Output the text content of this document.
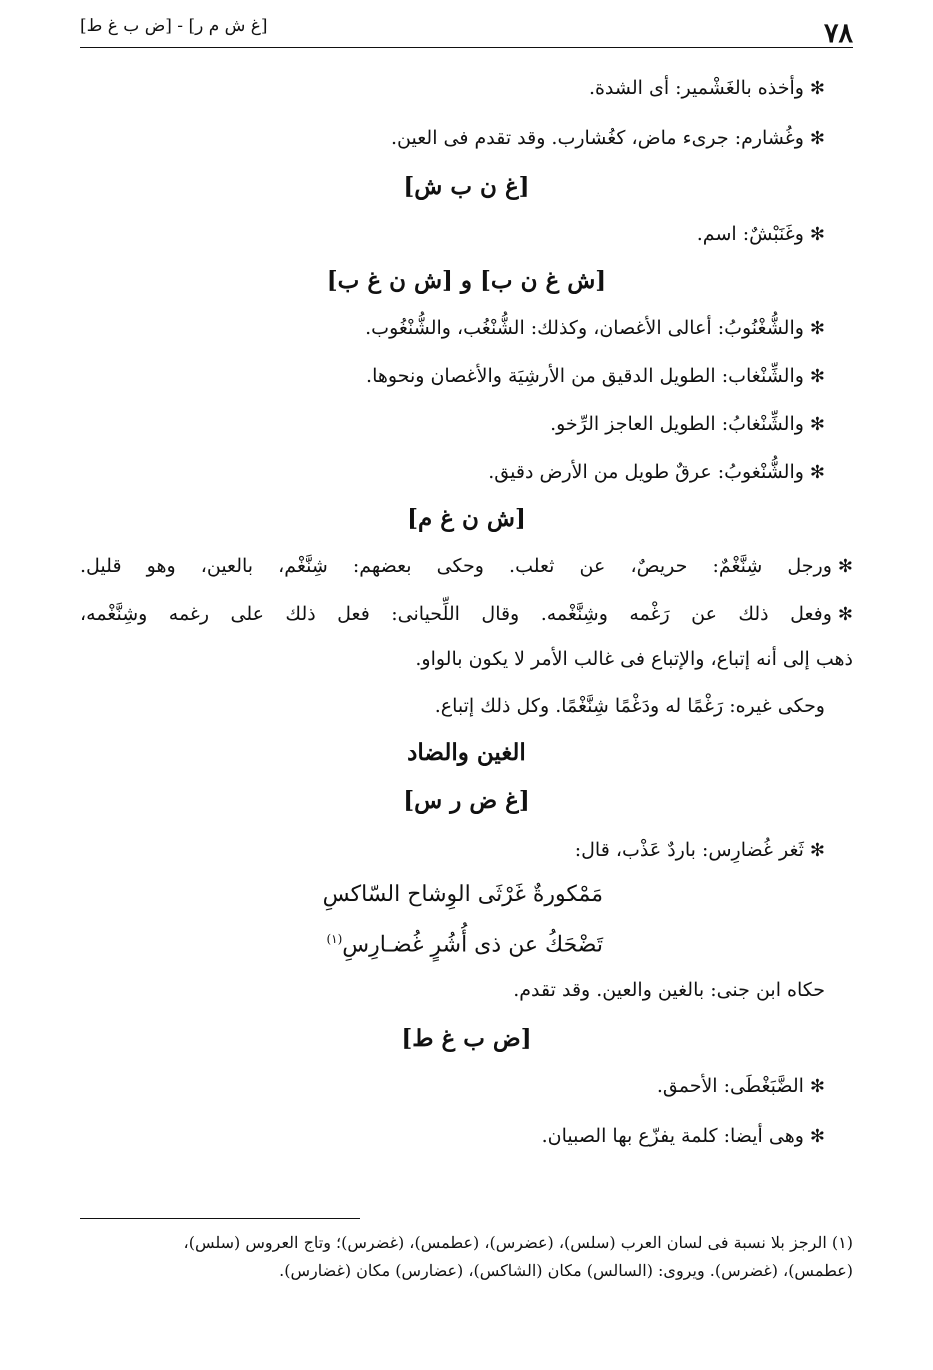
٧٨
[غ ش م ر] - [ض ب غ ط]
✻وأخذه بالغَشْمير: أى الشدة.
✻وغُشارم: جرىء ماض، كغُشارب. وقد تقدم فى العين.
[غ ن ب ش]
✻وغَنَبْشٌ: اسم.
[ش غ ن ب] و [ش ن غ ب]
✻والشُّغْنُوبُ: أعالى الأغصان، وكذلك: الشُّنْغُب، والشُّنْغُوب.
✻والشِّنْغاب: الطويل الدقيق من الأرشِيَة والأغصان ونحوها.
✻والشِّنْغابُ: الطويل العاجز الرِّخو.
✻والشُّنْغوبُ: عرقٌ طويل من الأرض دقيق.
[ش ن غ م]
✻ورجل شِنَّغْمٌ: حريصٌ، عن ثعلب. وحكى بعضهم: شِنَّغْم، بالعين، وهو قليل.
✻وفعل ذلك عن رَغْمه وشِنَّغْمه. وقال اللِّحيانى: فعل ذلك على رغمه وشِنَّغْمه،
ذهب إلى أنه إتباع، والإتباع فى غالب الأمر لا يكون بالواو.
وحكى غيره: رَغْمًا له ودَغْمًا شِنَّغْمًا. وكل ذلك إتباع.
الغين والضاد
[غ ض ر س]
✻ثَغر غُضارِس: باردٌ عَذْب، قال:
مَمْكورةٌ غَرْثَى الوِشاح السّاكسِ
تَضْحَكُ عن ذى أُشُرٍ غُضـارِسِ$^{(١)}$
حكاه ابن جنى: بالغين والعين. وقد تقدم.
[ض ب غ ط]
✻الضَّبَغْطَى: الأحمق.
✻وهى أيضا: كلمة يفزّع بها الصبيان.
(١) الرجز بلا نسبة فى لسان العرب (سلس)، (عضرس)، (عطمس)، (غضرس)؛ وتاج العروس (سلس)،
(عطمس)، (غضرس). ويروى: (السالس) مكان (الشاكس)، (عضارس) مكان (غضارس).
